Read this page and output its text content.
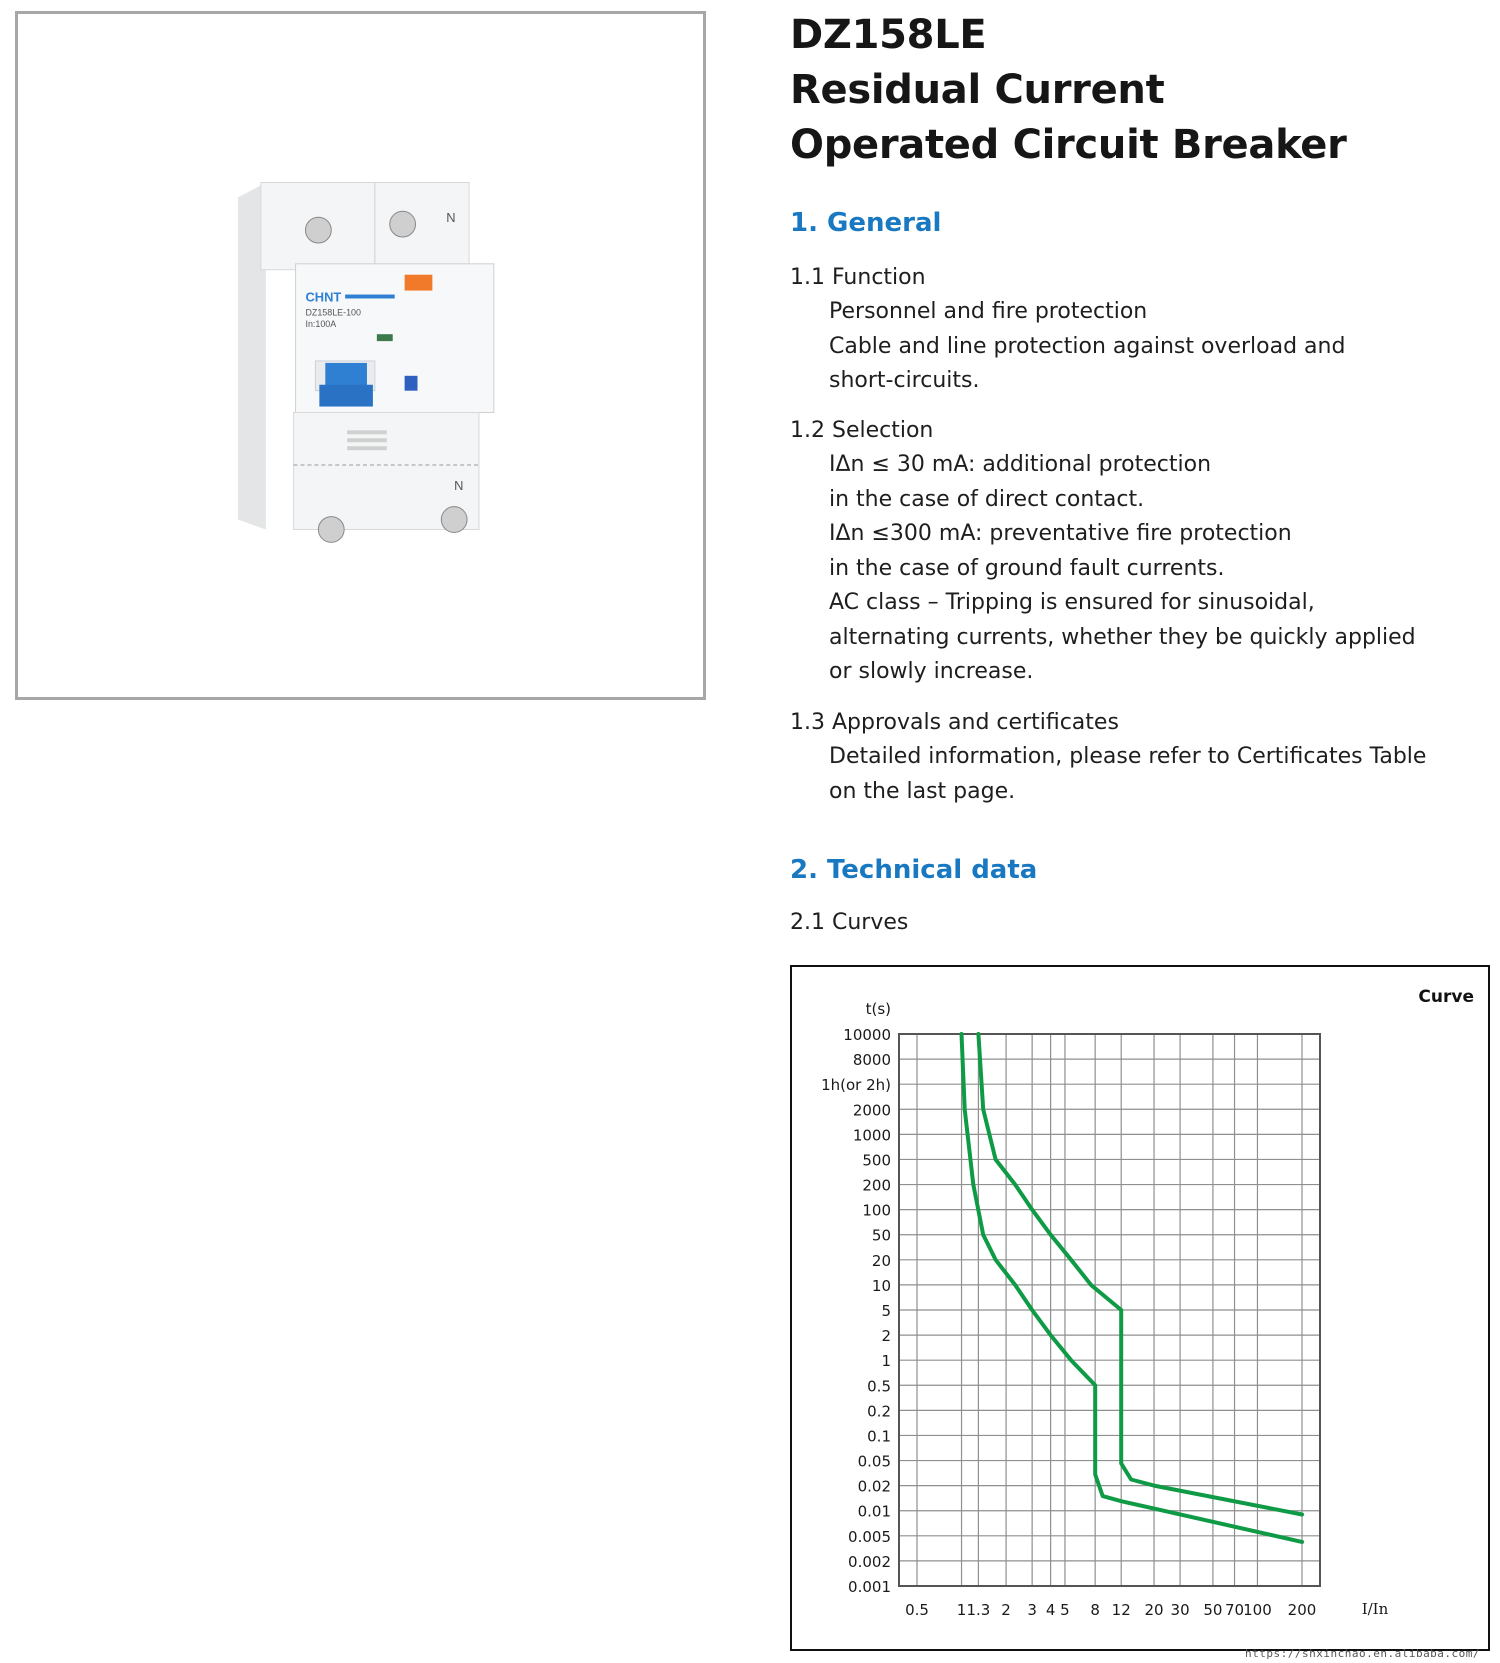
N
CHNT
DZ158LE-100
In:100A
N
DZ158LE
Residual Current
Operated Circuit Breaker
1. General
1.1 Function
Personnel and fire protection
Cable and line protection against overload and
short-circuits.
1.2 Selection
IΔn ≤ 30 mA: additional protection
in the case of direct contact.
IΔn ≤300 mA: preventative fire protection
in the case of ground fault currents.
AC class – Tripping is ensured for sinusoidal,
alternating currents, whether they be quickly applied
or slowly increase.
1.3 Approvals and certificates
Detailed information, please refer to Certificates Table
on the last page.
2. Technical data
2.1 Curves
10000
8000
1h(or 2h)
2000
1000
500
200
100
50
20
10
5
2
1
0.5
0.2
0.1
0.05
0.02
0.01
0.005
0.002
0.001
0.5 1 1.3 2 3 4 5 8 12 20 30 50 70 100 200
t(s)
I/In
Curve
https://shxinchao.en.alibaba.com/
